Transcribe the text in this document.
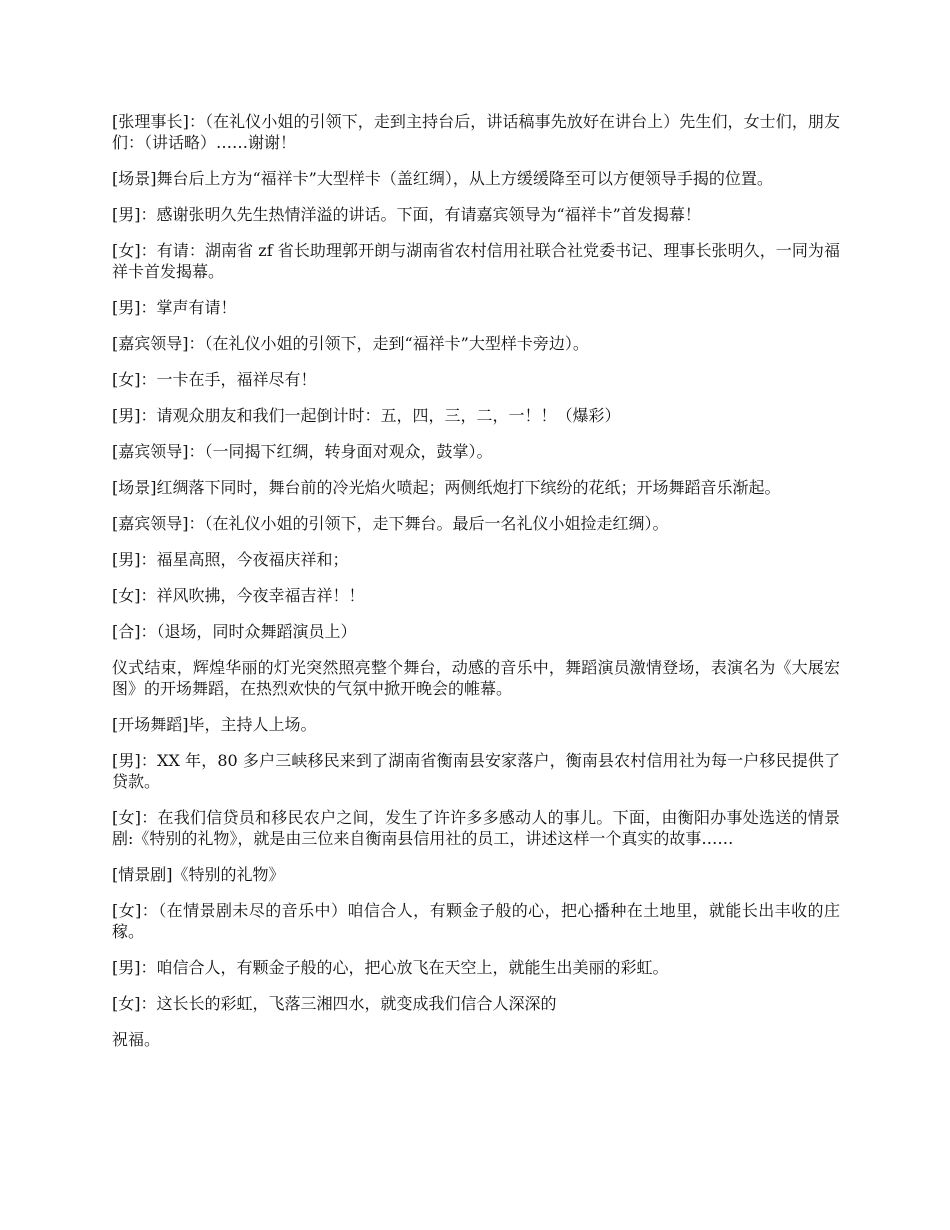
[张理事长]：（在礼仪小姐的引领下，走到主持台后，讲话稿事先放好在讲台上）先生们，女士们，朋友们：（讲话略）……谢谢！

[场景]舞台后上方为“福祥卡”大型样卡（盖红绸），从上方缓缓降至可以方便领导手揭的位置。

[男]：感谢张明久先生热情洋溢的讲话。下面，有请嘉宾领导为“福祥卡”首发揭幕！

[女]：有请：湖南省 zf 省长助理郭开朗与湖南省农村信用社联合社党委书记、理事长张明久，一同为福祥卡首发揭幕。

[男]：掌声有请！

[嘉宾领导]：（在礼仪小姐的引领下，走到“福祥卡”大型样卡旁边）。

[女]：一卡在手，福祥尽有！

[男]：请观众朋友和我们一起倒计时：五，四，三，二，一！！（爆彩）

[嘉宾领导]：（一同揭下红绸，转身面对观众，鼓掌）。

[场景]红绸落下同时，舞台前的冷光焰火喷起；两侧纸炮打下缤纷的花纸；开场舞蹈音乐渐起。

[嘉宾领导]：（在礼仪小姐的引领下，走下舞台。最后一名礼仪小姐捡走红绸）。

[男]：福星高照，今夜福庆祥和；

[女]：祥风吹拂，今夜幸福吉祥！！

[合]：（退场，同时众舞蹈演员上）

仪式结束，辉煌华丽的灯光突然照亮整个舞台，动感的音乐中，舞蹈演员激情登场，表演名为《大展宏图》的开场舞蹈，在热烈欢快的气氛中掀开晚会的帷幕。

[开场舞蹈]毕，主持人上场。

[男]：XX 年，80 多户三峡移民来到了湖南省衡南县安家落户，衡南县农村信用社为每一户移民提供了贷款。

[女]：在我们信贷员和移民农户之间，发生了许许多多感动人的事儿。下面，由衡阳办事处选送的情景剧:《特别的礼物》，就是由三位来自衡南县信用社的员工，讲述这样一个真实的故事……

[情景剧]《特别的礼物》

[女]：（在情景剧未尽的音乐中）咱信合人，有颗金子般的心，把心播种在土地里，就能长出丰收的庄稼。

[男]：咱信合人，有颗金子般的心，把心放飞在天空上，就能生出美丽的彩虹。

[女]：这长长的彩虹，飞落三湘四水，就变成我们信合人深深的

祝福。
